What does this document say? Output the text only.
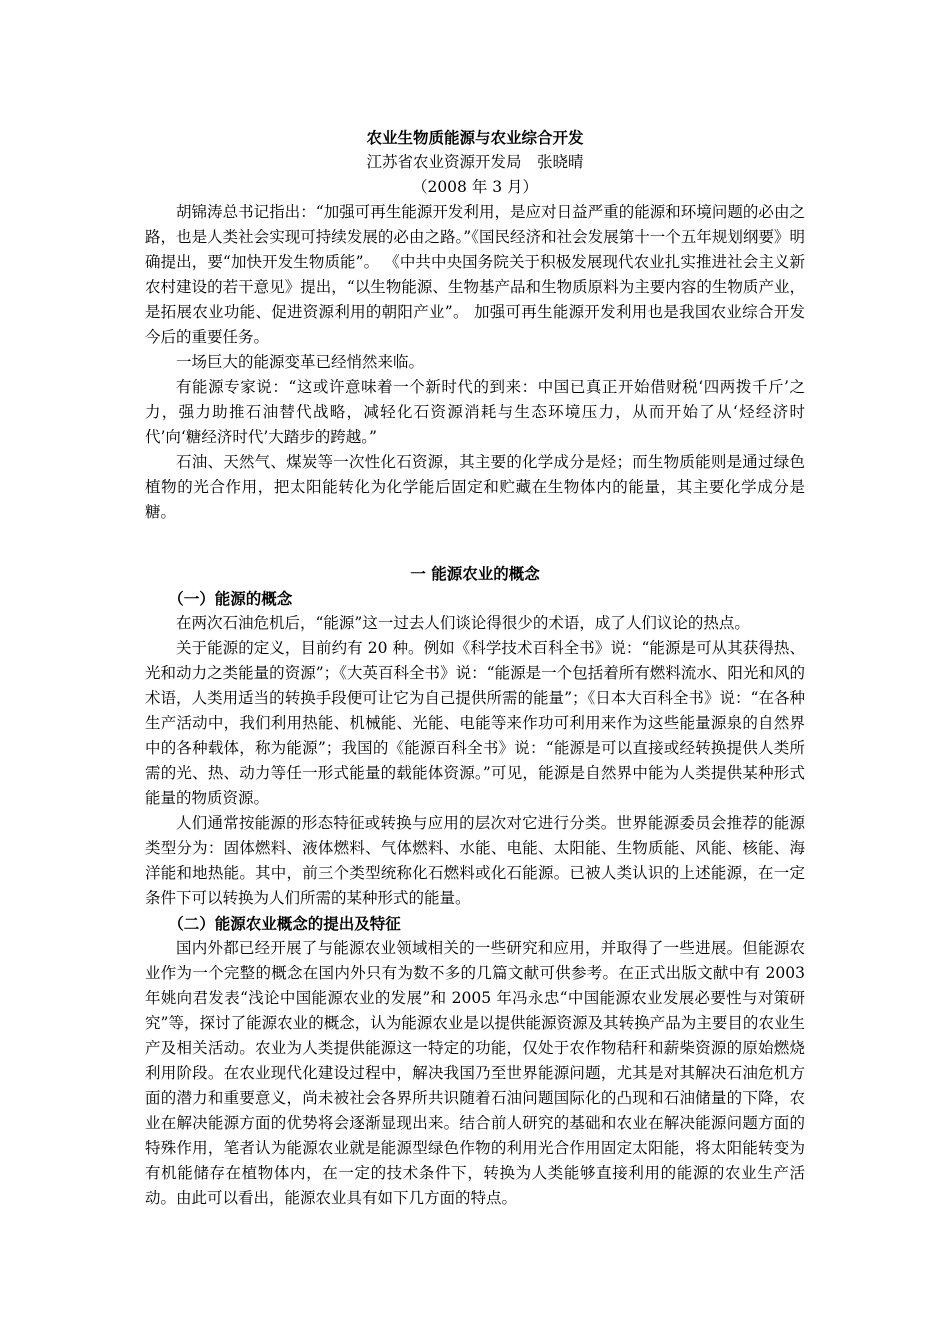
农业生物质能源与农业综合开发

江苏省农业资源开发局　张晓晴

（2008 年 3 月）

胡锦涛总书记指出：“加强可再生能源开发利用，是应对日益严重的能源和环境问题的必由之路，也是人类社会实现可持续发展的必由之路。”《国民经济和社会发展第十一个五年规划纲要》明确提出，要“加快开发生物质能”。 《中共中央国务院关于积极发展现代农业扎实推进社会主义新农村建设的若干意见》提出，“以生物能源、生物基产品和生物质原料为主要内容的生物质产业，是拓展农业功能、促进资源利用的朝阳产业”。 加强可再生能源开发利用也是我国农业综合开发今后的重要任务。

一场巨大的能源变革已经悄然来临。

有能源专家说：“这或许意味着一个新时代的到来：中国已真正开始借财税‘四两拨千斤’之力，强力助推石油替代战略，减轻化石资源消耗与生态环境压力，从而开始了从‘烃经济时代’向‘糖经济时代’大踏步的跨越。”

石油、天然气、煤炭等一次性化石资源，其主要的化学成分是烃；而生物质能则是通过绿色植物的光合作用，把太阳能转化为化学能后固定和贮藏在生物体内的能量，其主要化学成分是糖。

一 能源农业的概念

（一）能源的概念

在两次石油危机后，“能源”这一过去人们谈论得很少的术语，成了人们议论的热点。

关于能源的定义，目前约有 20 种。例如《科学技术百科全书》说：“能源是可从其获得热、光和动力之类能量的资源”；《大英百科全书》说：“能源是一个包括着所有燃料流水、阳光和风的术语，人类用适当的转换手段便可让它为自己提供所需的能量”；《日本大百科全书》说：“在各种生产活动中，我们利用热能、机械能、光能、电能等来作功可利用来作为这些能量源泉的自然界中的各种载体，称为能源”；我国的《能源百科全书》说：“能源是可以直接或经转换提供人类所需的光、热、动力等任一形式能量的载能体资源。”可见，能源是自然界中能为人类提供某种形式能量的物质资源。

人们通常按能源的形态特征或转换与应用的层次对它进行分类。世界能源委员会推荐的能源类型分为：固体燃料、液体燃料、气体燃料、水能、电能、太阳能、生物质能、风能、核能、海洋能和地热能。其中，前三个类型统称化石燃料或化石能源。已被人类认识的上述能源，在一定条件下可以转换为人们所需的某种形式的能量。

（二）能源农业概念的提出及特征

国内外都已经开展了与能源农业领域相关的一些研究和应用，并取得了一些进展。但能源农业作为一个完整的概念在国内外只有为数不多的几篇文献可供参考。在正式出版文献中有 2003 年姚向君发表“浅论中国能源农业的发展”和 2005 年冯永忠“中国能源农业发展必要性与对策研究”等，探讨了能源农业的概念，认为能源农业是以提供能源资源及其转换产品为主要目的农业生产及相关活动。农业为人类提供能源这一特定的功能，仅处于农作物秸秆和薪柴资源的原始燃烧利用阶段。在农业现代化建设过程中，解决我国乃至世界能源问题，尤其是对其解决石油危机方面的潜力和重要意义，尚未被社会各界所共识随着石油问题国际化的凸现和石油储量的下降，农业在解决能源方面的优势将会逐渐显现出来。结合前人研究的基础和农业在解决能源问题方面的特殊作用，笔者认为能源农业就是能源型绿色作物的利用光合作用固定太阳能，将太阳能转变为有机能储存在植物体内，在一定的技术条件下，转换为人类能够直接利用的能源的农业生产活动。由此可以看出，能源农业具有如下几方面的特点。
